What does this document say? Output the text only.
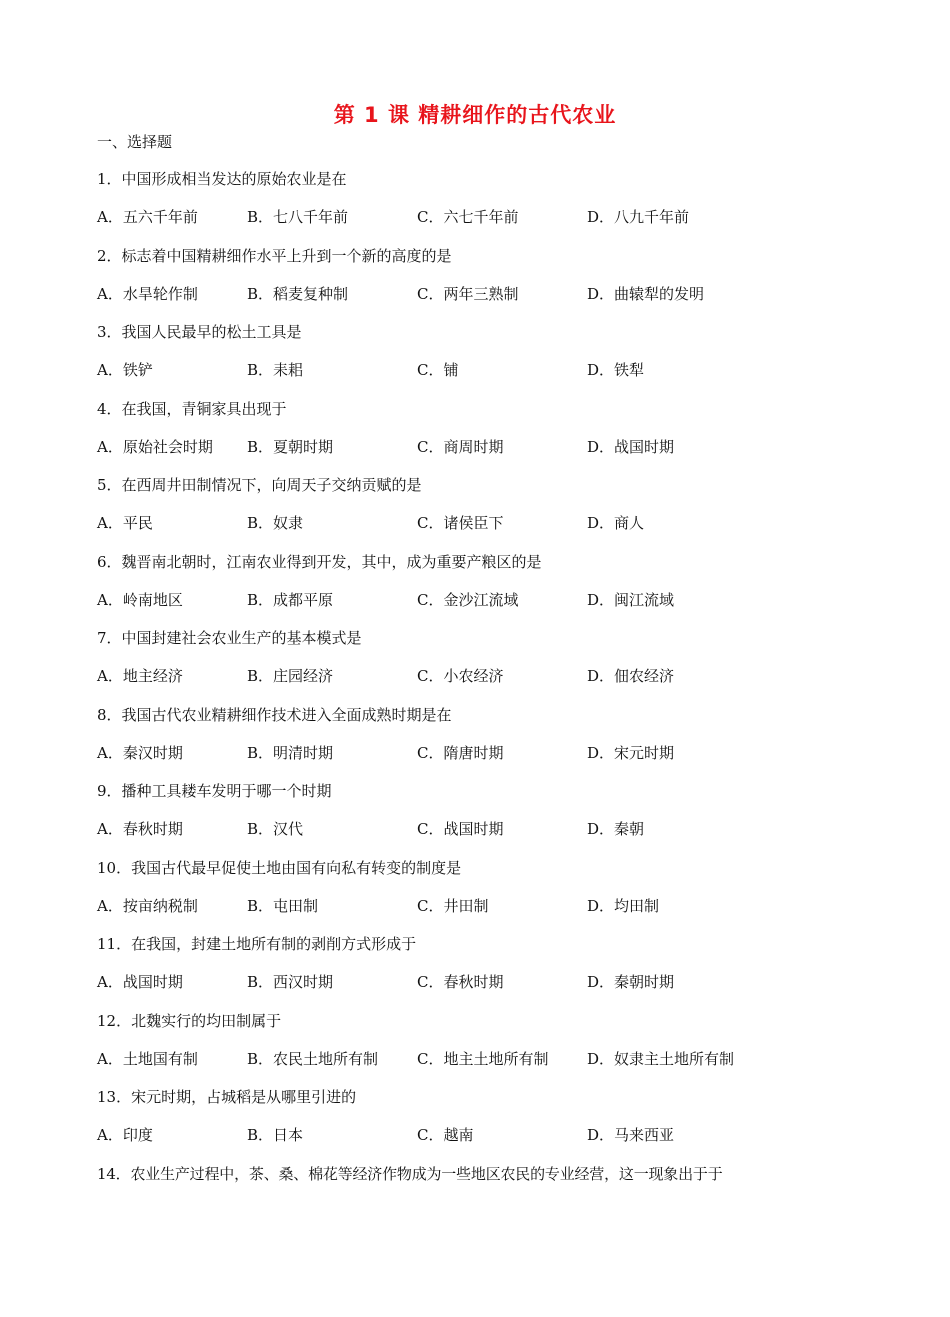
第 1 课 精耕细作的古代农业
一、选择题
1．中国形成相当发达的原始农业是在
A．五六千年前	B．七八千年前	C．六七千年前	D．八九千年前
2．标志着中国精耕细作水平上升到一个新的高度的是
A．水旱轮作制	B．稻麦复种制	C．两年三熟制	D．曲辕犁的发明
3．我国人民最早的松土工具是
A．铁铲	B．耒耜	C．铺	D．铁犁
4．在我国，青铜家具出现于
A．原始社会时期 B．夏朝时期	C．商周时期	D．战国时期
5．在西周井田制情况下，向周天子交纳贡赋的是
A．平民	B．奴隶	C．诸侯臣下	D．商人
6．魏晋南北朝时，江南农业得到开发，其中，成为重要产粮区的是
A．岭南地区	B．成都平原	C．金沙江流域	D．闽江流域
7．中国封建社会农业生产的基本模式是
A．地主经济	B．庄园经济	C．小农经济	D．佃农经济
8．我国古代农业精耕细作技术进入全面成熟时期是在
A．秦汉时期	B．明清时期	C．隋唐时期	D．宋元时期
9．播种工具耧车发明于哪一个时期
A．春秋时期	B．汉代	C．战国时期	D．秦朝
10．我国古代最早促使土地由国有向私有转变的制度是
A．按亩纳税制	B．屯田制	C．井田制	D．均田制
11．在我国，封建土地所有制的剥削方式形成于
A．战国时期	B．西汉时期	C．春秋时期	D．秦朝时期
12．北魏实行的均田制属于
A．土地国有制	B．农民土地所有制	C．地主土地所有制	D．奴隶主土地所有制
13．宋元时期，占城稻是从哪里引进的
A．印度	B．日本	C．越南	D．马来西亚
14．农业生产过程中，茶、桑、棉花等经济作物成为一些地区农民的专业经营，这一现象出于于
